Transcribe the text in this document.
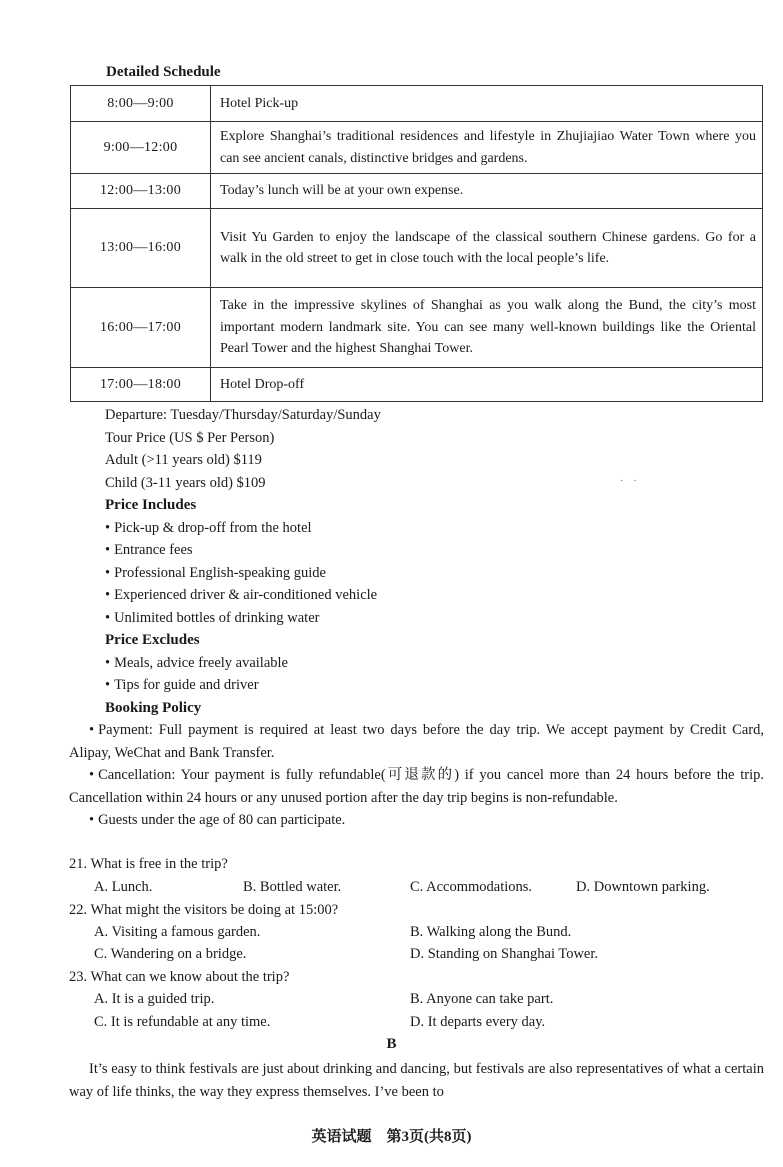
Detailed Schedule
8:00—9:00	Hotel Pick-up
9:00—12:00	Explore Shanghai’s traditional residences and lifestyle in Zhujiajiao Water Town where you can see ancient canals, distinctive bridges and gardens.
12:00—13:00	Today’s lunch will be at your own expense.
13:00—16:00	Visit Yu Garden to enjoy the landscape of the classical southern Chinese gardens. Go for a walk in the old street to get in close touch with the local people’s life.
16:00—17:00	Take in the impressive skylines of Shanghai as you walk along the Bund, the city’s most important modern landmark site. You can see many well-known buildings like the Oriental Pearl Tower and the highest Shanghai Tower.
17:00—18:00	Hotel Drop-off
Departure: Tuesday/Thursday/Saturday/Sunday
Tour Price (US $ Per Person)
Adult (>11 years old) $119
Child (3-11 years old) $109
Price Includes
• Pick-up & drop-off from the hotel
• Entrance fees
• Professional English-speaking guide
• Experienced driver & air-conditioned vehicle
• Unlimited bottles of drinking water
Price Excludes
• Meals, advice freely available
• Tips for guide and driver
Booking Policy
·    ·
• Payment: Full payment is required at least two days before the day trip. We accept payment by Credit Card, Alipay, WeChat and Bank Transfer.
• Cancellation: Your payment is fully refundable(可退款的) if you cancel more than 24 hours before the trip. Cancellation within 24 hours or any unused portion after the day trip begins is non-refundable.
• Guests under the age of 80 can participate.
21. What is free in the trip?
A. Lunch.	B. Bottled water.	C. Accommodations.	D. Downtown parking.
22. What might the visitors be doing at 15:00?
A. Visiting a famous garden.	B. Walking along the Bund.
C. Wandering on a bridge.	D. Standing on Shanghai Tower.
23. What can we know about the trip?
A. It is a guided trip.	B. Anyone can take part.
C. It is refundable at any time.	D. It departs every day.
B
It’s easy to think festivals are just about drinking and dancing, but festivals are also representatives of what a certain way of life thinks, the way they express themselves. I’ve been to
英语试题　第3页(共8页)
